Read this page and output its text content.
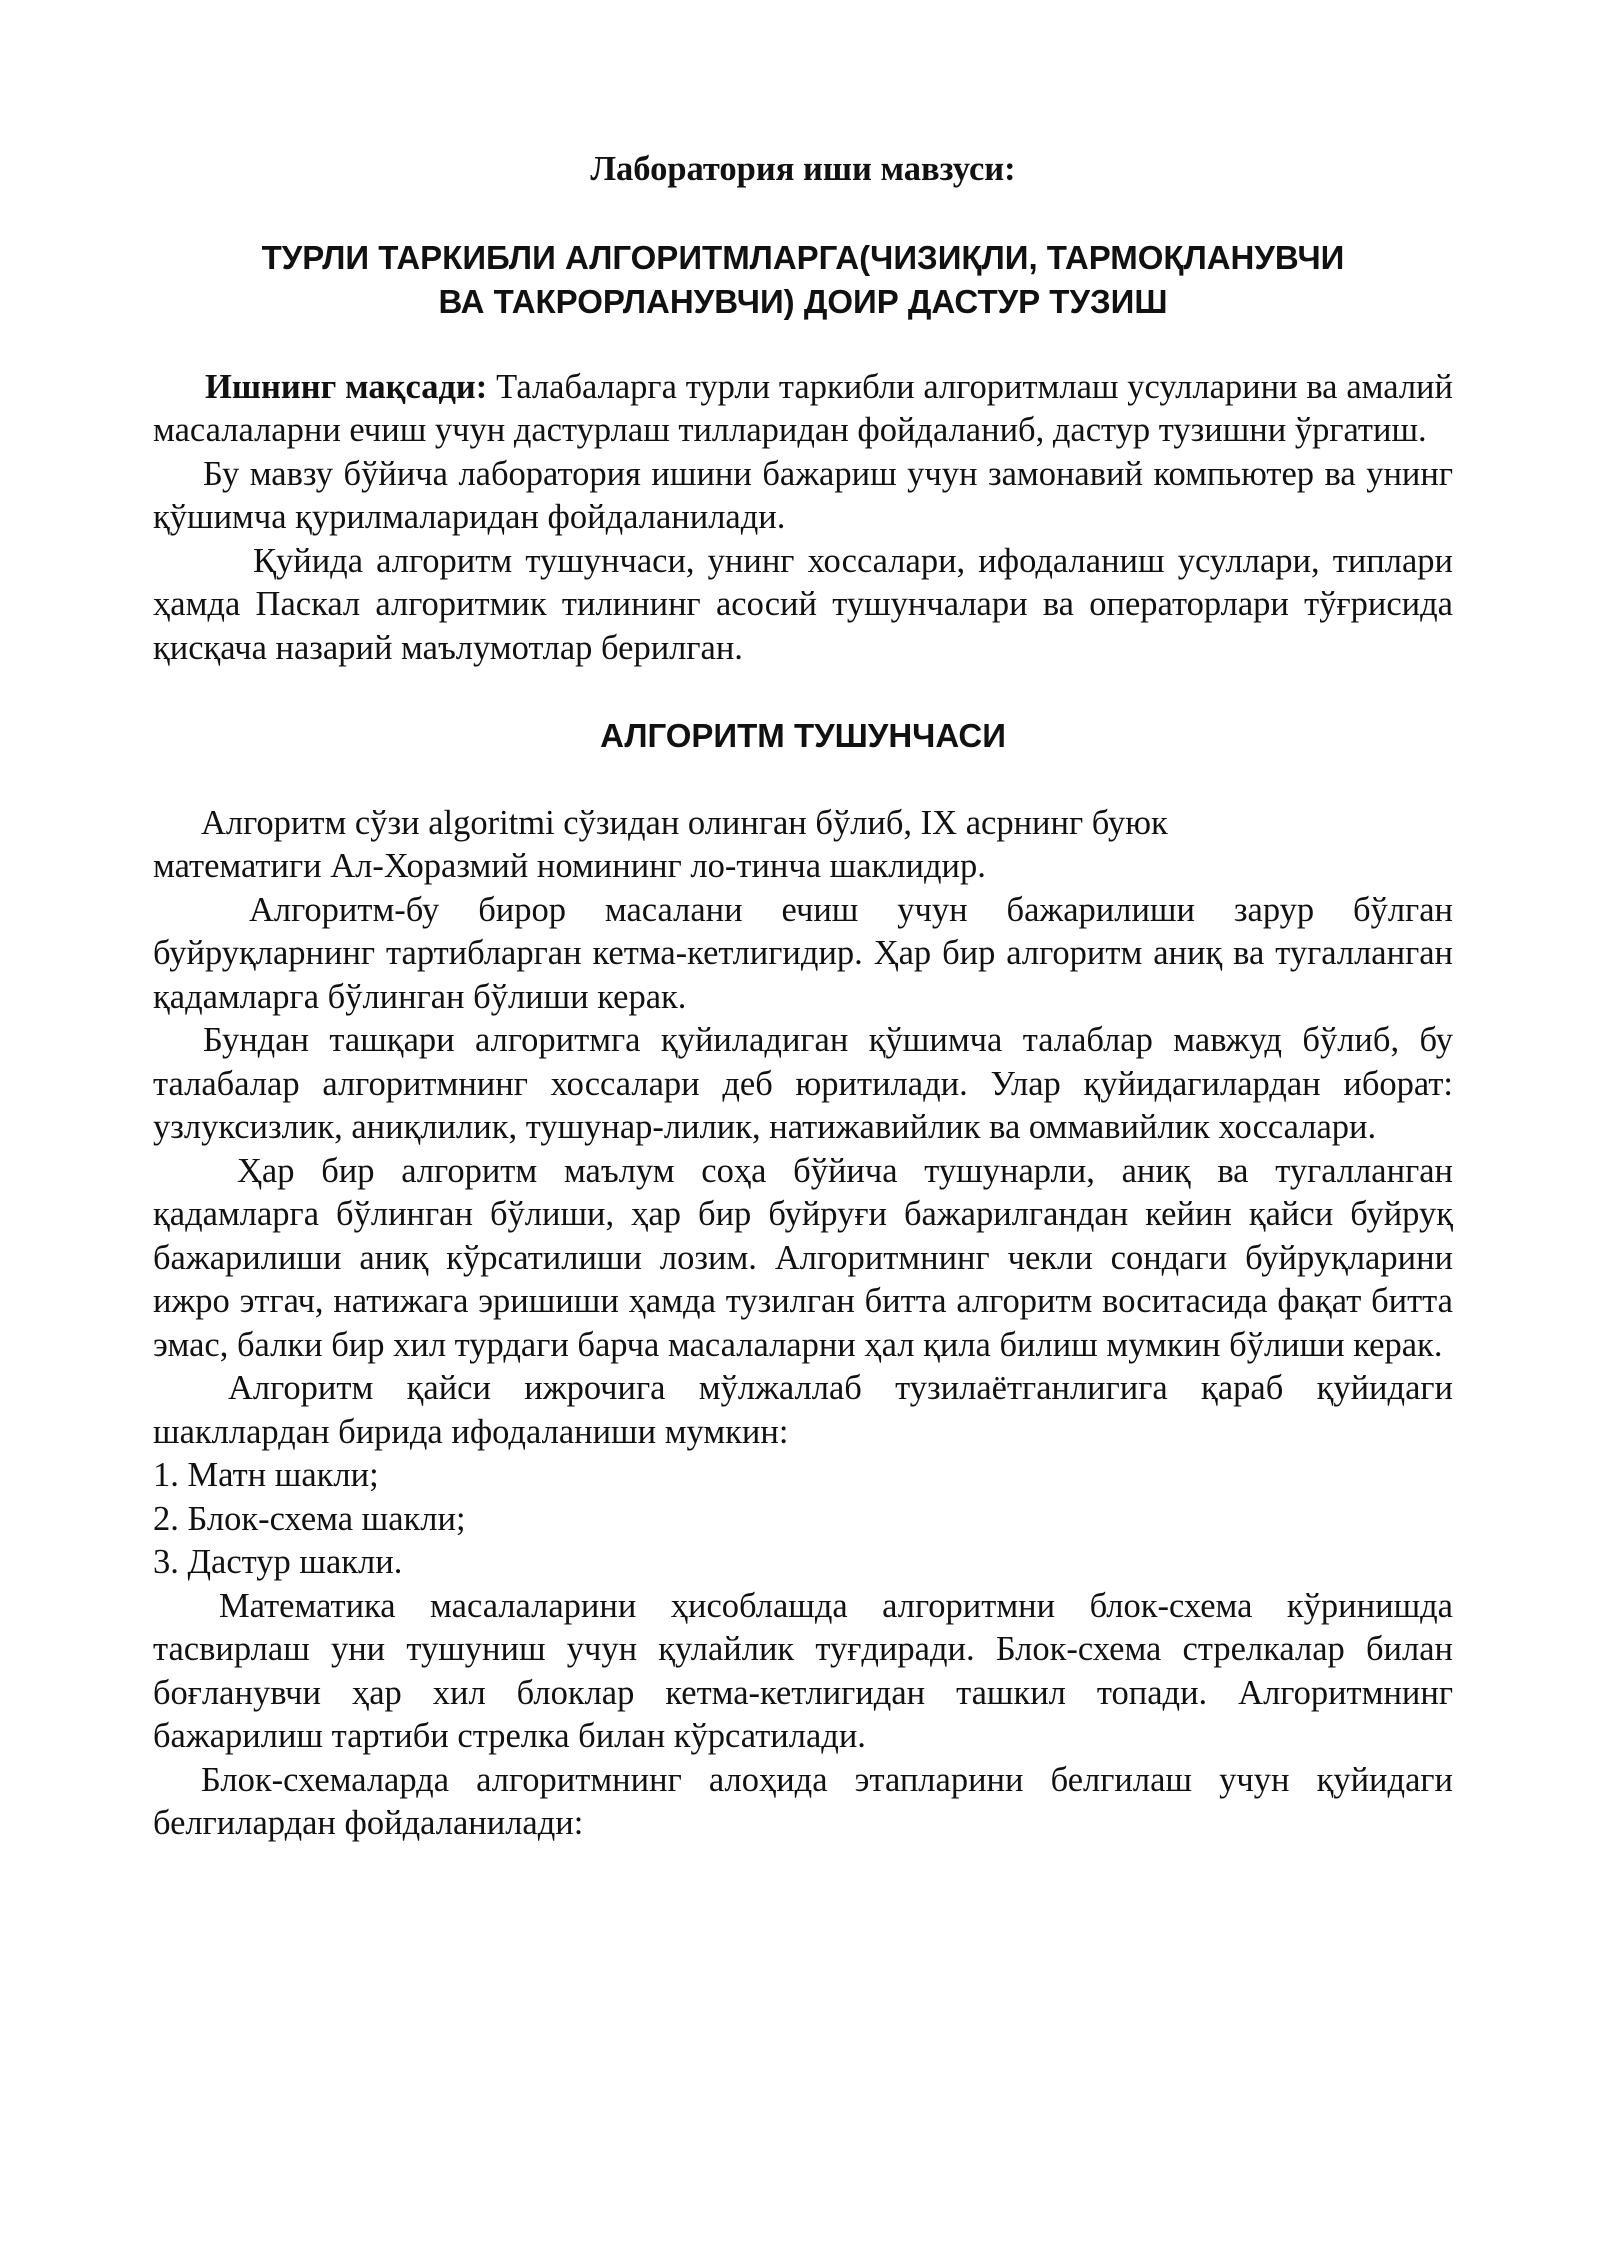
Лаборатория иши мавзуси:
ТУРЛИ ТАРКИБЛИ АЛГОРИТМЛАРГА(ЧИЗИҚЛИ, ТАРМОҚЛАНУВЧИ
ВА ТАКРОРЛАНУВЧИ) ДОИР ДАСТУР ТУЗИШ

Ишнинг мақсади: Талабаларга турли таркибли алгоритмлаш усулларини ва амалий масалаларни ечиш учун дастурлаш тилларидан фойдаланиб, дастур тузишни ўргатиш.

Бу мавзу бўйича лаборатория ишини бажариш учун замонавий компьютер ва унинг қўшимча қурилмаларидан фойдаланилади.

Қуйида алгоритм тушунчаси, унинг хоссалари, ифодаланиш усуллари, типлари ҳамда Паскал алгоритмик тилининг асосий тушунчалари ва операторлари тўғрисида қисқача назарий маълумотлар берилган.

АЛГОРИТМ ТУШУНЧАСИ

Алгоритм сўзи algoritmi сўзидан олинган бўлиб, IX асрнинг буюк

математиги Ал-Хоразмий номининг ло-тинча шаклидир.

Алгоритм-бу бирор масалани ечиш учун бажарилиши зарур бўлган буйруқларнинг тартибларган кетма-кетлигидир. Ҳар бир алгоритм аниқ ва тугалланган қадамларга бўлинган бўлиши керак.

Бундан ташқари алгоритмга қуйиладиган қўшимча талаблар мавжуд бўлиб, бу талабалар алгоритмнинг хоссалари деб юритилади. Улар қуйидагилардан иборат: узлуксизлик, аниқлилик, тушунар-лилик, натижавийлик ва оммавийлик хоссалари.

Ҳар бир алгоритм маълум соҳа бўйича тушунарли, аниқ ва тугалланган қадамларга бўлинган бўлиши, ҳар бир буйруғи бажарилгандан кейин қайси буйруқ бажарилиши аниқ кўрсатилиши лозим. Алгоритмнинг чекли сондаги буйруқларини ижро этгач, натижага эришиши ҳамда тузилган битта алгоритм воситасида фақат битта эмас, балки бир хил турдаги барча масалаларни ҳал қила билиш мумкин бўлиши керак.

Алгоритм қайси ижрочига мўлжаллаб тузилаётганлигига қараб қуйидаги шакллардан бирида ифодаланиши мумкин:

1. Матн шакли;
2. Блок-схема шакли;
3. Дастур шакли.

Математика масалаларини ҳисоблашда алгоритмни блок-схема кўринишда тасвирлаш уни тушуниш учун қулайлик туғдиради. Блок-схема стрелкалар билан боғланувчи ҳар хил блоклар кетма-кетлигидан ташкил топади. Алгоритмнинг бажарилиш тартиби стрелка билан кўрсатилади.

Блок-схемаларда алгоритмнинг алоҳида этапларини белгилаш учун қуйидаги белгилардан фойдаланилади:
